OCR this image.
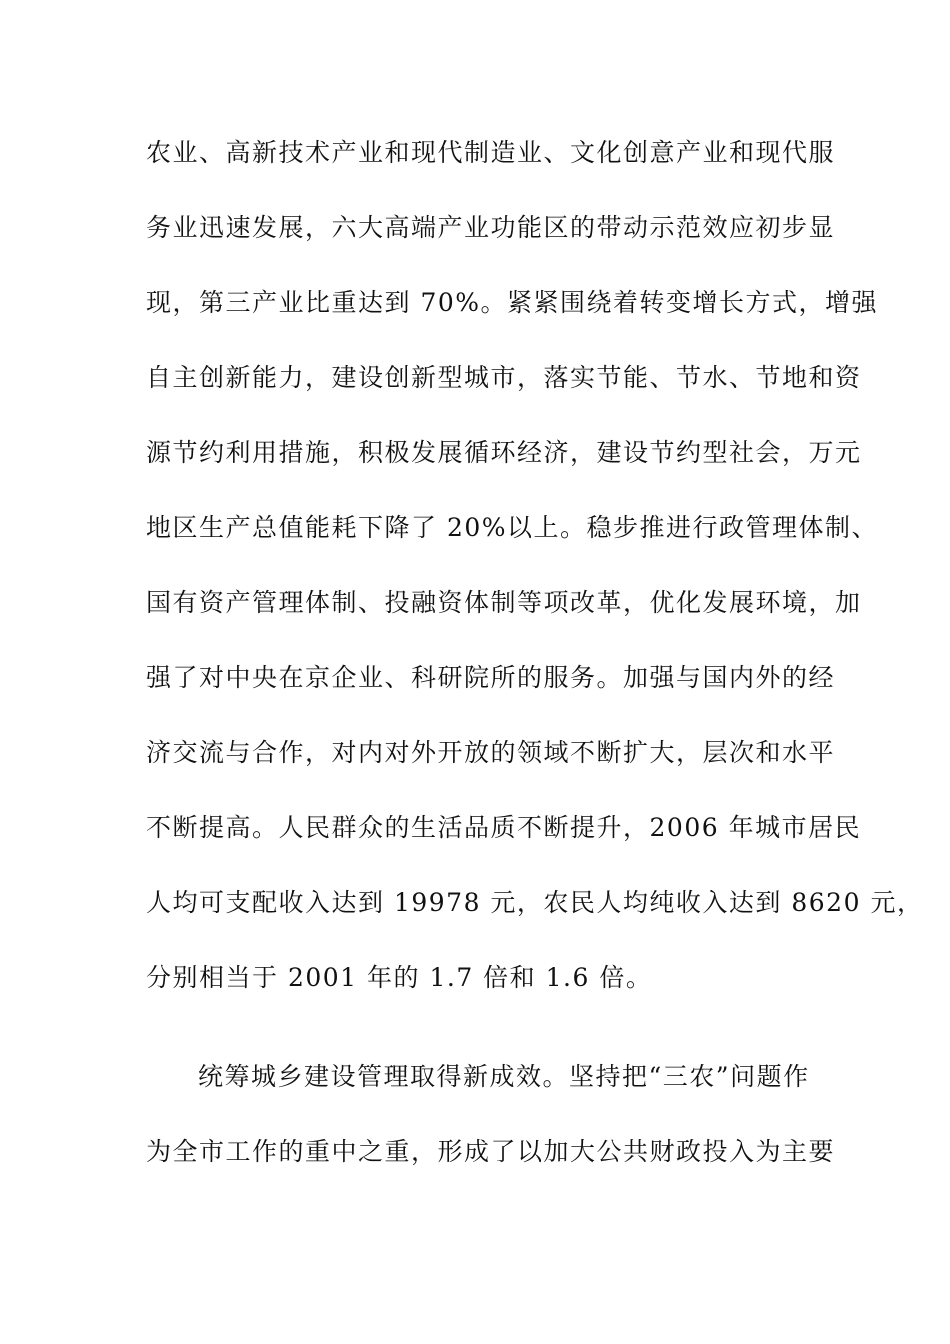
农业、高新技术产业和现代制造业、文化创意产业和现代服
务业迅速发展，六大高端产业功能区的带动示范效应初步显
现，第三产业比重达到 70%。紧紧围绕着转变增长方式，增强
自主创新能力，建设创新型城市，落实节能、节水、节地和资
源节约利用措施，积极发展循环经济，建设节约型社会，万元
地区生产总值能耗下降了 20%以上。稳步推进行政管理体制、
国有资产管理体制、投融资体制等项改革，优化发展环境，加
强了对中央在京企业、科研院所的服务。加强与国内外的经
济交流与合作，对内对外开放的领域不断扩大，层次和水平
不断提高。人民群众的生活品质不断提升，2006 年城市居民
人均可支配收入达到 19978 元，农民人均纯收入达到 8620 元，
分别相当于 2001 年的 1.7 倍和 1.6 倍。
统筹城乡建设管理取得新成效。坚持把“三农”问题作
为全市工作的重中之重，形成了以加大公共财政投入为主要
